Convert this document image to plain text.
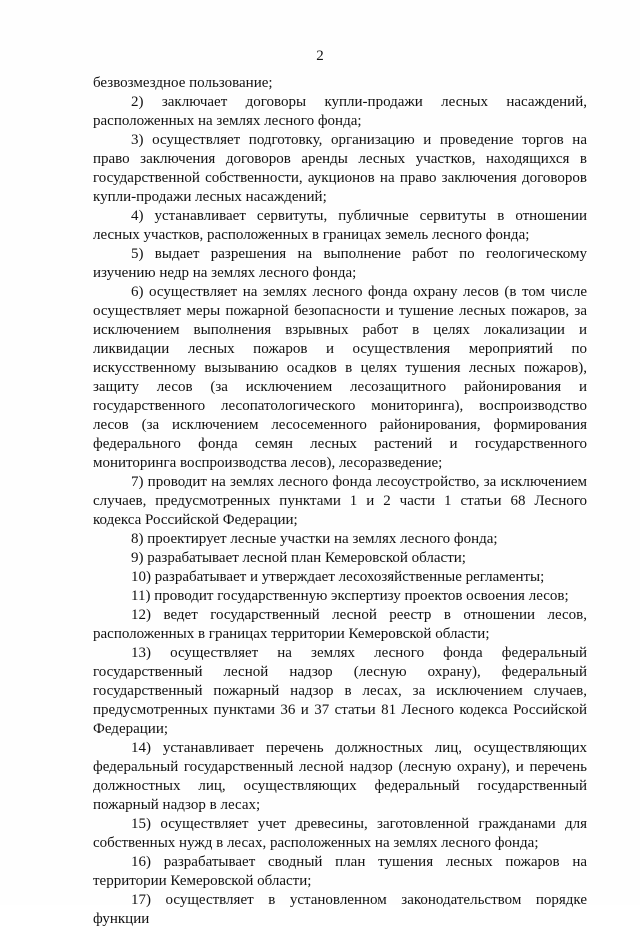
2

безвозмездное пользование;

2) заключает договоры купли-продажи лесных насаждений, расположенных на землях лесного фонда;

3) осуществляет подготовку, организацию и проведение торгов на право заключения договоров аренды лесных участков, находящихся в государственной собственности, аукционов на право заключения договоров купли-продажи лесных насаждений;

4) устанавливает сервитуты, публичные сервитуты в отношении лесных участков, расположенных в границах земель лесного фонда;

5) выдает разрешения на выполнение работ по геологическому изучению недр на землях лесного фонда;

6) осуществляет на землях лесного фонда охрану лесов (в том числе осуществляет меры пожарной безопасности и тушение лесных пожаров, за исключением выполнения взрывных работ в целях локализации и ликвидации лесных пожаров и осуществления мероприятий по искусственному вызыванию осадков в целях тушения лесных пожаров), защиту лесов (за исключением лесозащитного районирования и государственного лесопатологического мониторинга), воспроизводство лесов (за исключением лесосеменного районирования, формирования федерального фонда семян лесных растений и государственного мониторинга воспроизводства лесов), лесоразведение;

7) проводит на землях лесного фонда лесоустройство, за исключением случаев, предусмотренных пунктами 1 и 2 части 1 статьи 68 Лесного кодекса Российской Федерации;

8) проектирует лесные участки на землях лесного фонда;

9) разрабатывает лесной план Кемеровской области;

10) разрабатывает и утверждает лесохозяйственные регламенты;

11) проводит государственную экспертизу проектов освоения лесов;

12) ведет государственный лесной реестр в отношении лесов, расположенных в границах территории Кемеровской области;

13) осуществляет на землях лесного фонда федеральный государственный лесной надзор (лесную охрану), федеральный государственный пожарный надзор в лесах, за исключением случаев, предусмотренных пунктами 36 и 37 статьи 81 Лесного кодекса Российской Федерации;

14) устанавливает перечень должностных лиц, осуществляющих федеральный государственный лесной надзор (лесную охрану), и перечень должностных лиц, осуществляющих федеральный государственный пожарный надзор в лесах;

15) осуществляет учет древесины, заготовленной гражданами для собственных нужд в лесах, расположенных на землях лесного фонда;

16) разрабатывает сводный план тушения лесных пожаров на территории Кемеровской области;

17) осуществляет в установленном законодательством порядке функции
